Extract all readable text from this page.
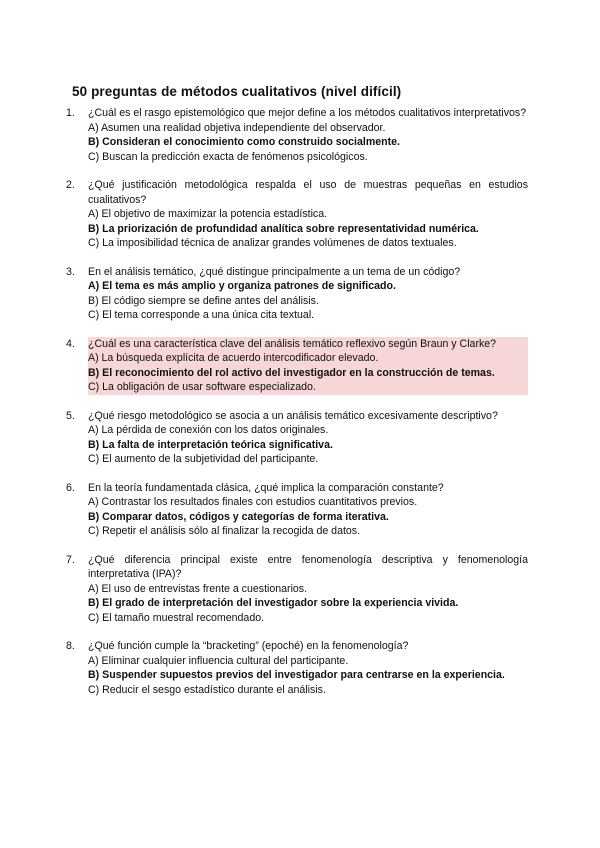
50 preguntas de métodos cualitativos (nivel difícil)
1. ¿Cuál es el rasgo epistemológico que mejor define a los métodos cualitativos interpretativos?
A) Asumen una realidad objetiva independiente del observador.
B) Consideran el conocimiento como construido socialmente.
C) Buscan la predicción exacta de fenómenos psicológicos.
2. ¿Qué justificación metodológica respalda el uso de muestras pequeñas en estudios cualitativos?
A) El objetivo de maximizar la potencia estadística.
B) La priorización de profundidad analítica sobre representatividad numérica.
C) La imposibilidad técnica de analizar grandes volúmenes de datos textuales.
3. En el análisis temático, ¿qué distingue principalmente a un tema de un código?
A) El tema es más amplio y organiza patrones de significado.
B) El código siempre se define antes del análisis.
C) El tema corresponde a una única cita textual.
4. ¿Cuál es una característica clave del análisis temático reflexivo según Braun y Clarke?
A) La búsqueda explícita de acuerdo intercodificador elevado.
B) El reconocimiento del rol activo del investigador en la construcción de temas.
C) La obligación de usar software especializado.
5. ¿Qué riesgo metodológico se asocia a un análisis temático excesivamente descriptivo?
A) La pérdida de conexión con los datos originales.
B) La falta de interpretación teórica significativa.
C) El aumento de la subjetividad del participante.
6. En la teoría fundamentada clásica, ¿qué implica la comparación constante?
A) Contrastar los resultados finales con estudios cuantitativos previos.
B) Comparar datos, códigos y categorías de forma iterativa.
C) Repetir el análisis sólo al finalizar la recogida de datos.
7. ¿Qué diferencia principal existe entre fenomenología descriptiva y fenomenología interpretativa (IPA)?
A) El uso de entrevistas frente a cuestionarios.
B) El grado de interpretación del investigador sobre la experiencia vivida.
C) El tamaño muestral recomendado.
8. ¿Qué función cumple la “bracketing” (epoché) en la fenomenología?
A) Eliminar cualquier influencia cultural del participante.
B) Suspender supuestos previos del investigador para centrarse en la experiencia.
C) Reducir el sesgo estadístico durante el análisis.
